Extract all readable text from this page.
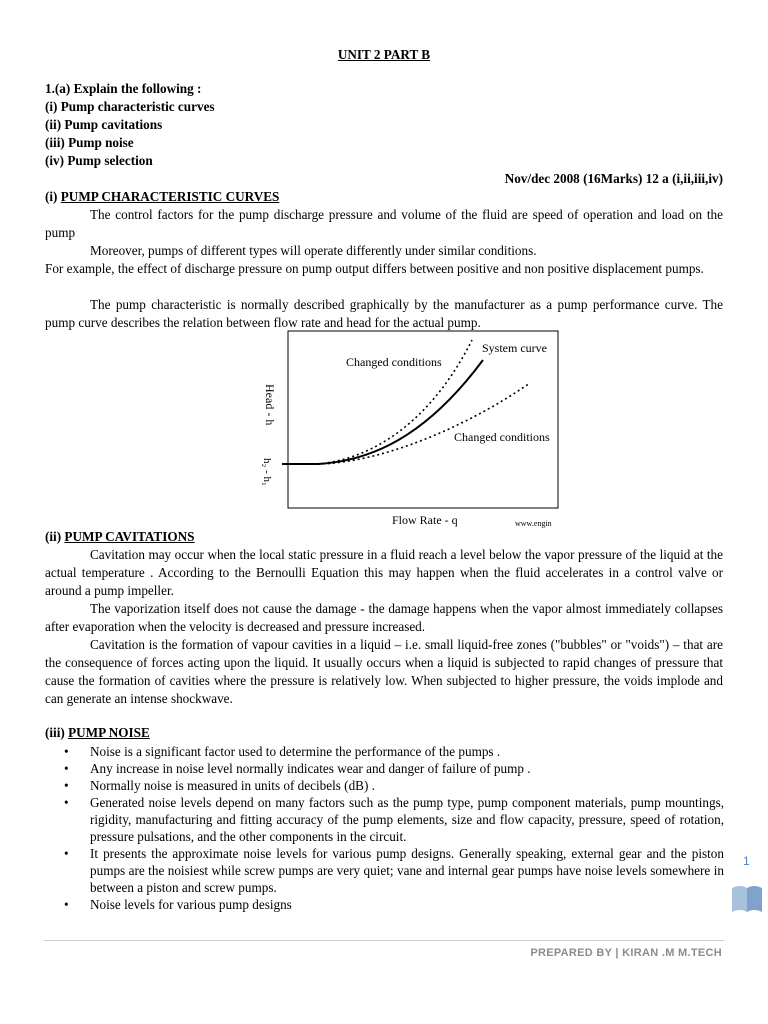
UNIT 2 PART B
1.(a) Explain the following :
(i) Pump characteristic curves
(ii) Pump cavitations
(iii) Pump noise
(iv) Pump selection
Nov/dec 2008 (16Marks) 12 a (i,ii,iii,iv)
(i) PUMP CHARACTERISTIC CURVES
The control factors for the pump discharge pressure and volume of the fluid are speed of operation and load on the pump
Moreover, pumps of different types will operate differently under similar conditions.
For example, the effect of discharge pressure on pump output differs between positive and non positive displacement pumps.
The pump characteristic is normally described graphically by the manufacturer as a pump performance curve. The pump curve describes the relation between flow rate and head for the actual pump.
System curve
Changed conditions
Changed conditions
Head - h
h₂ - h₁
Flow Rate - q	www.engin
(ii) PUMP CAVITATIONS
Cavitation may occur when the local static pressure in a fluid reach a level below the vapor pressure of the liquid at the actual temperature . According to the Bernoulli Equation this may happen when the fluid accelerates in a control valve or around a pump impeller.
The vaporization itself does not cause the damage - the damage happens when the vapor almost immediately collapses after evaporation when the velocity is decreased and pressure increased.
Cavitation is the formation of vapour cavities in a liquid – i.e. small liquid-free zones ("bubbles" or "voids") – that are the consequence of forces acting upon the liquid. It usually occurs when a liquid is subjected to rapid changes of pressure that cause the formation of cavities where the pressure is relatively low. When subjected to higher pressure, the voids implode and can generate an intense shockwave.
(iii) PUMP NOISE
• Noise is a significant factor used to determine the performance of the pumps .
• Any increase in noise level normally indicates wear and danger of failure of pump .
• Normally noise is measured in units of decibels (dB) .
• Generated noise levels depend on many factors such as the pump type, pump component materials, pump mountings, rigidity, manufacturing and fitting accuracy of the pump elements, size and flow capacity, pressure, speed of rotation, pressure pulsations, and the other components in the circuit.
• It presents the approximate noise levels for various pump designs. Generally speaking, external gear and the piston pumps are the noisiest while screw pumps are very quiet; vane and internal gear pumps have noise levels somewhere in between a piston and screw pumps.
• Noise levels for various pump designs
1
PREPARED BY | KIRAN .M M.TECH
